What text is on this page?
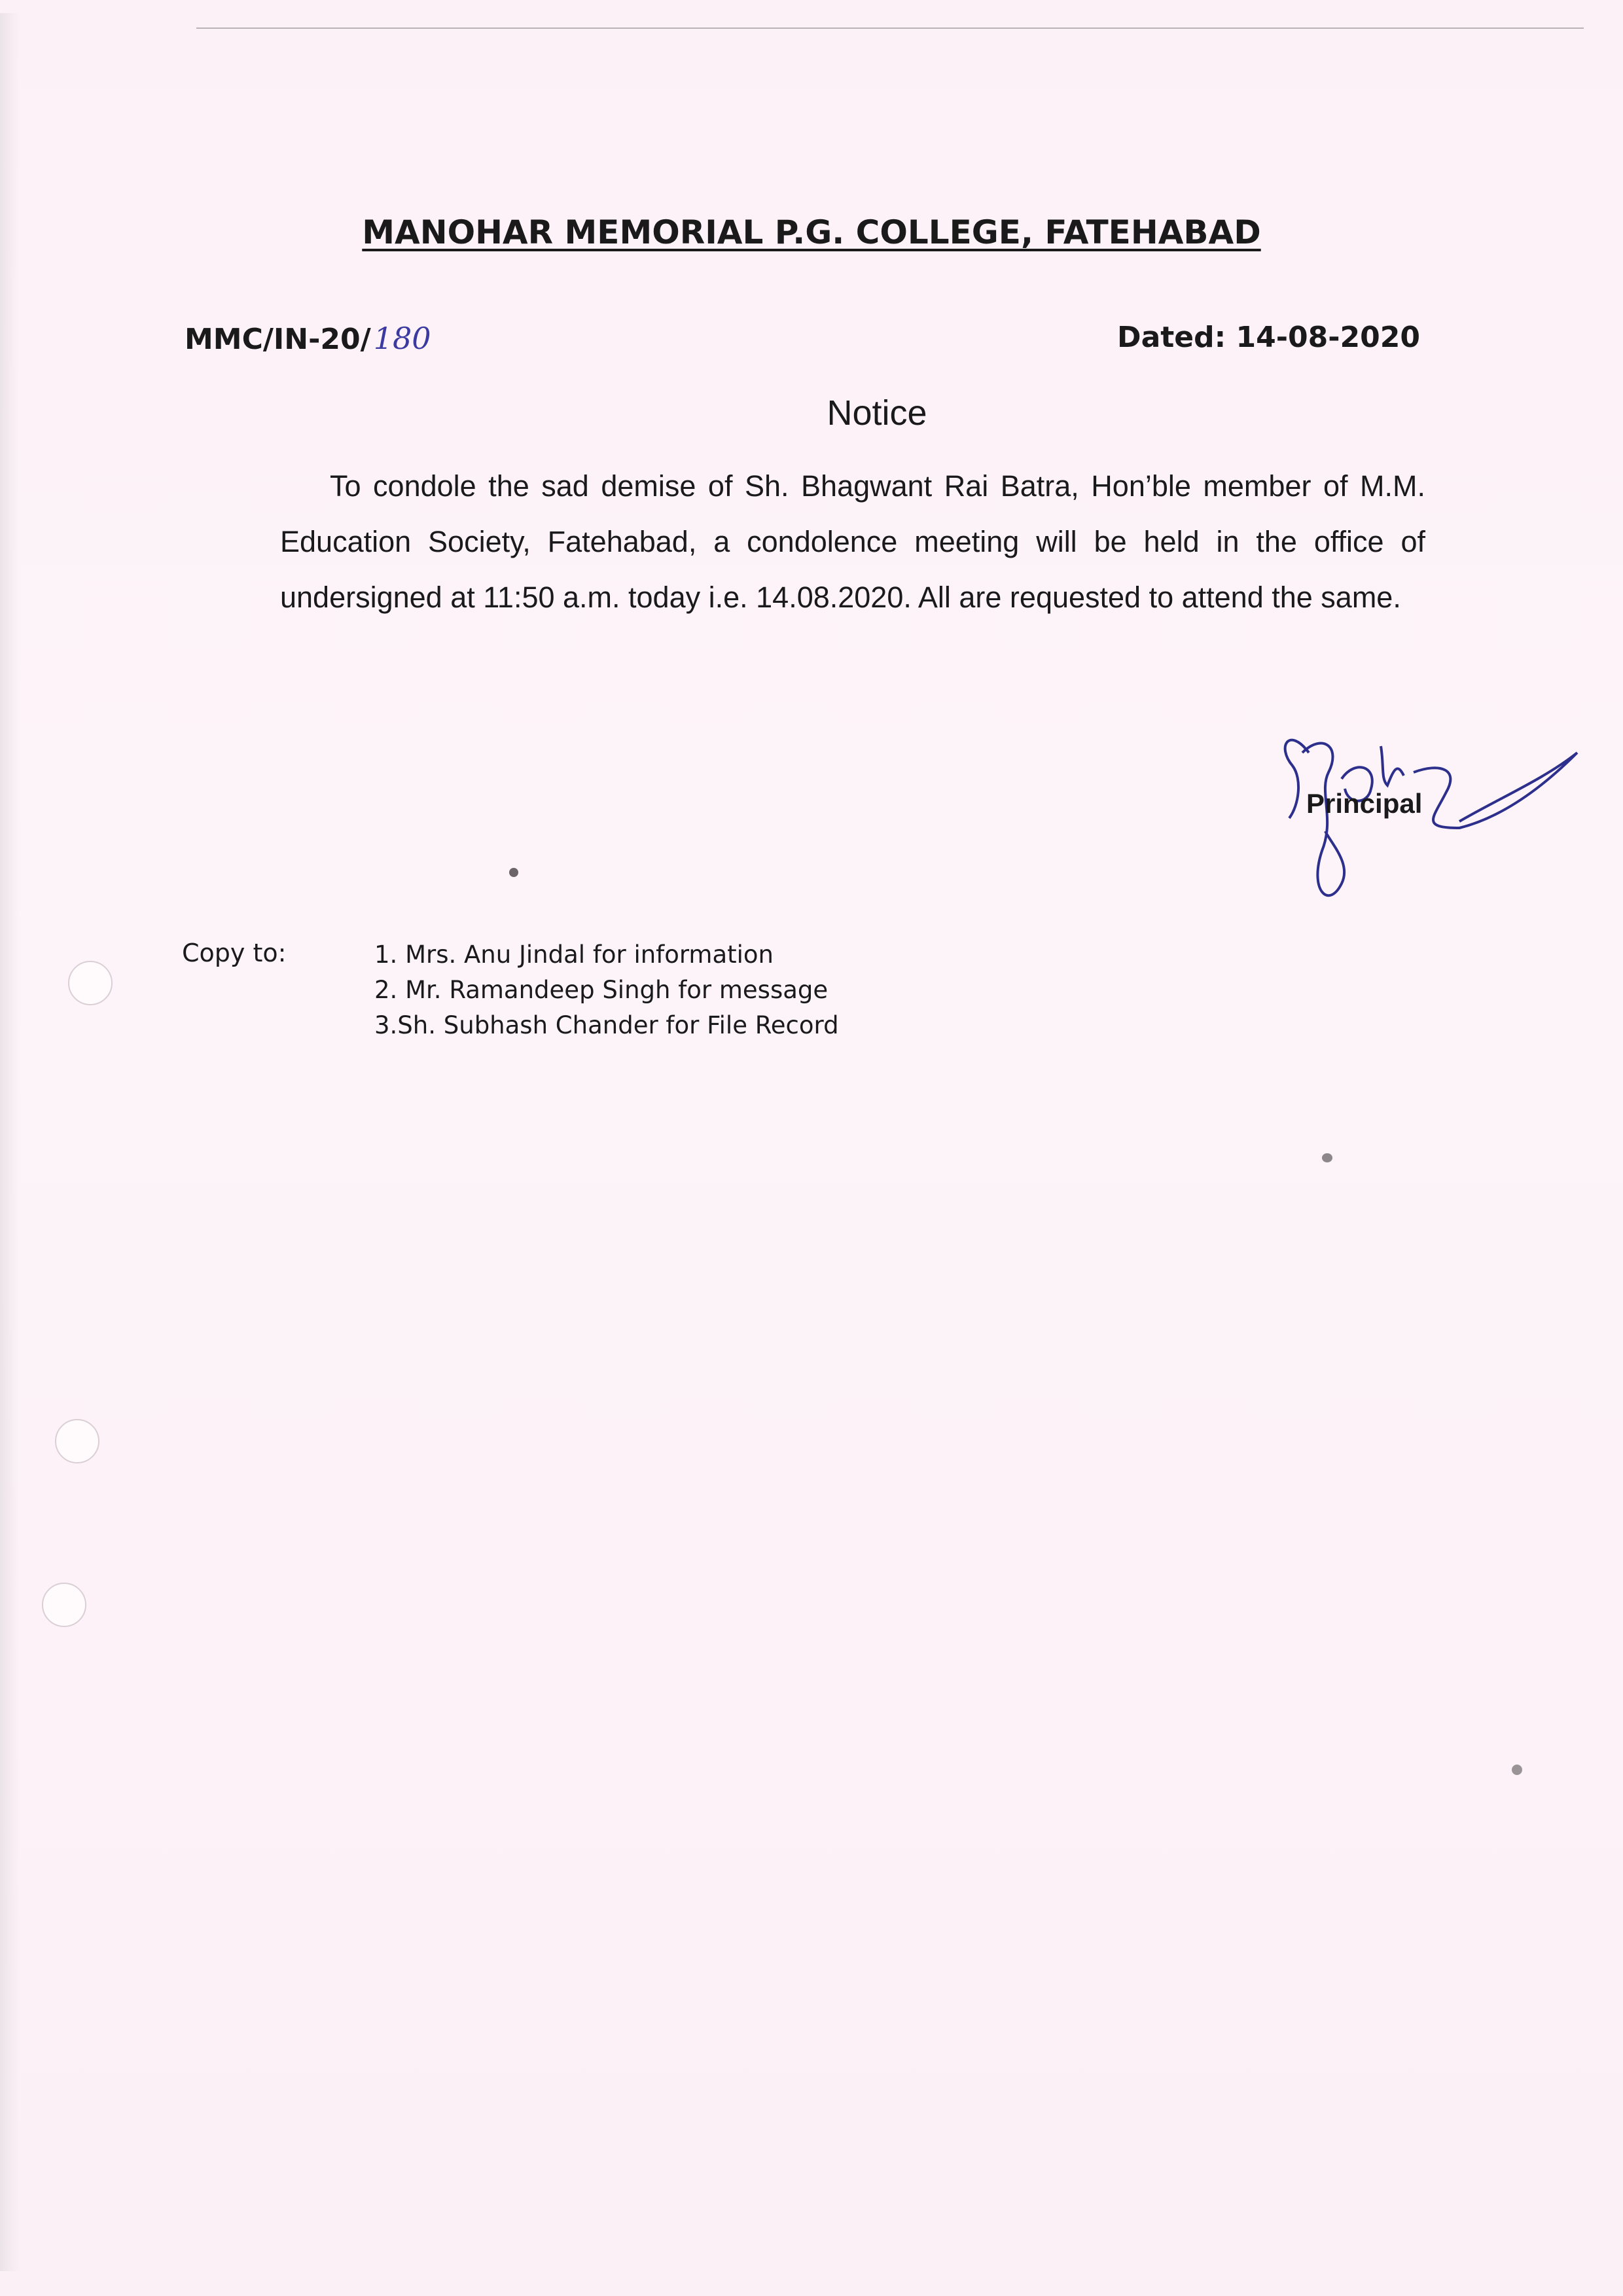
MANOHAR MEMORIAL P.G. COLLEGE, FATEHABAD
MMC/IN-20/180	Dated: 14-08-2020
Notice
To condole the sad demise of Sh. Bhagwant Rai Batra, Hon’ble member of M.M. Education Society, Fatehabad, a condolence meeting will be held in the office of undersigned at 11:50 a.m. today i.e. 14.08.2020. All are requested to attend the same.
Principal
Copy to:	1. Mrs. Anu Jindal for information
2. Mr. Ramandeep Singh for message
3.Sh. Subhash Chander for File Record
